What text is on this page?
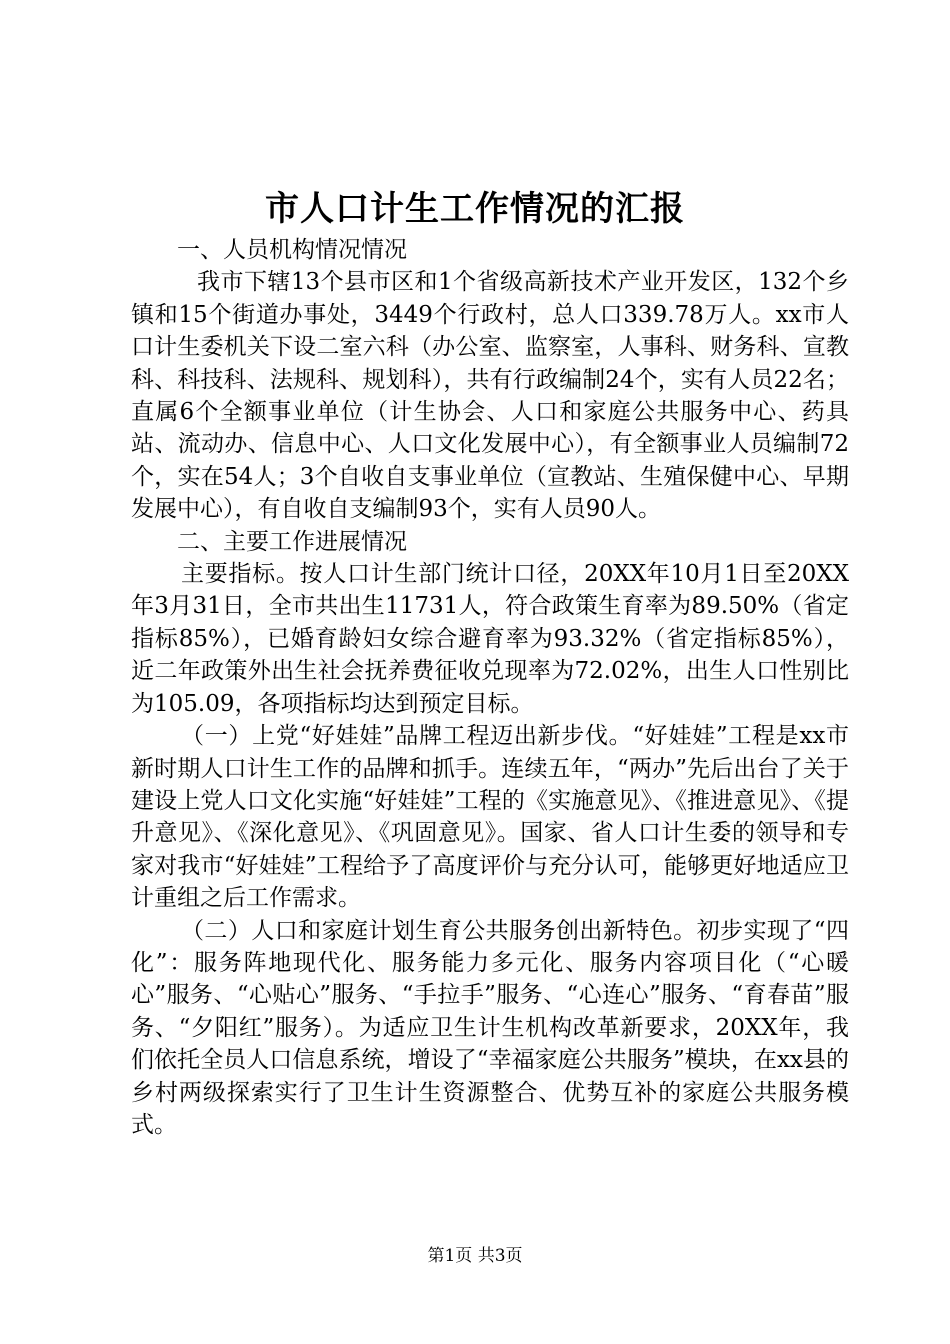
市人口计生工作情况的汇报

一、人员机构情况情况

我市下辖13个县市区和1个省级高新技术产业开发区，132个乡镇和15个街道办事处，3449个行政村，总人口339.78万人。xx市人口计生委机关下设二室六科（办公室、监察室，人事科、财务科、宣教科、科技科、法规科、规划科），共有行政编制24个，实有人员22名；直属6个全额事业单位（计生协会、人口和家庭公共服务中心、药具站、流动办、信息中心、人口文化发展中心），有全额事业人员编制72个，实在54人；3个自收自支事业单位（宣教站、生殖保健中心、早期发展中心），有自收自支编制93个，实有人员90人。

二、主要工作进展情况

主要指标。按人口计生部门统计口径，20XX年10月1日至20XX年3月31日，全市共出生11731人，符合政策生育率为89.50%（省定指标85%），已婚育龄妇女综合避育率为93.32%（省定指标85%），近二年政策外出生社会抚养费征收兑现率为72.02%，出生人口性别比为105.09，各项指标均达到预定目标。

（一）上党“好娃娃”品牌工程迈出新步伐。“好娃娃”工程是xx市新时期人口计生工作的品牌和抓手。连续五年，“两办”先后出台了关于建设上党人口文化实施“好娃娃”工程的《实施意见》、《推进意见》、《提升意见》、《深化意见》、《巩固意见》。国家、省人口计生委的领导和专家对我市“好娃娃”工程给予了高度评价与充分认可，能够更好地适应卫计重组之后工作需求。

（二）人口和家庭计划生育公共服务创出新特色。初步实现了“四化”：服务阵地现代化、服务能力多元化、服务内容项目化（“心暖心”服务、“心贴心”服务、“手拉手”服务、“心连心”服务、“育春苗”服务、“夕阳红”服务）。为适应卫生计生机构改革新要求，20XX年，我们依托全员人口信息系统，增设了“幸福家庭公共服务”模块，在xx县的乡村两级探索实行了卫生计生资源整合、优势互补的家庭公共服务模式。

第1页 共3页
